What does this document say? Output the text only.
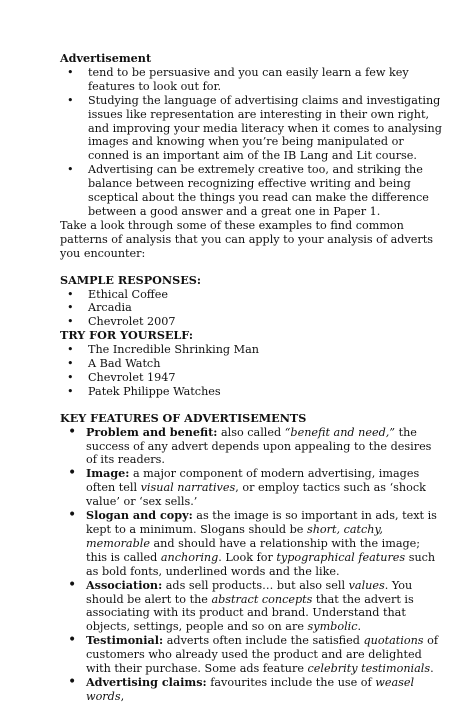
Advertisement

• tend to be persuasive and you can easily learn a few key features to look out for.
• Studying the language of advertising claims and investigating issues like representation are interesting in their own right, and improving your media literacy when it comes to analysing images and knowing when you’re being manipulated or conned is an important aim of the IB Lang and Lit course.
• Advertising can be extremely creative too, and striking the balance between recognizing effective writing and being sceptical about the things you read can make the difference between a good answer and a great one in Paper 1.

Take a look through some of these examples to find common patterns of analysis that you can apply to your analysis of adverts you encounter:

SAMPLE RESPONSES:

• Ethical Coffee
• Arcadia
• Chevrolet 2007

TRY FOR YOURSELF:

• The Incredible Shrinking Man
• A Bad Watch
• Chevrolet 1947
• Patek Philippe Watches

KEY FEATURES OF ADVERTISEMENTS

• Problem and benefit: also called “benefit and need,” the success of any advert depends upon appealing to the desires of its readers.
• Image: a major component of modern advertising, images often tell visual narratives, or employ tactics such as ‘shock value’ or ‘sex sells.’
• Slogan and copy: as the image is so important in ads, text is kept to a minimum. Slogans should be short, catchy, memorable and should have a relationship with the image; this is called anchoring. Look for typographical features such as bold fonts, underlined words and the like.
• Association: ads sell products… but also sell values. You should be alert to the abstract concepts that the advert is associating with its product and brand. Understand that objects, settings, people and so on are symbolic.
• Testimonial: adverts often include the satisfied quotations of customers who already used the product and are delighted with their purchase. Some ads feature celebrity testimonials.
• Advertising claims: favourites include the use of weasel words,
